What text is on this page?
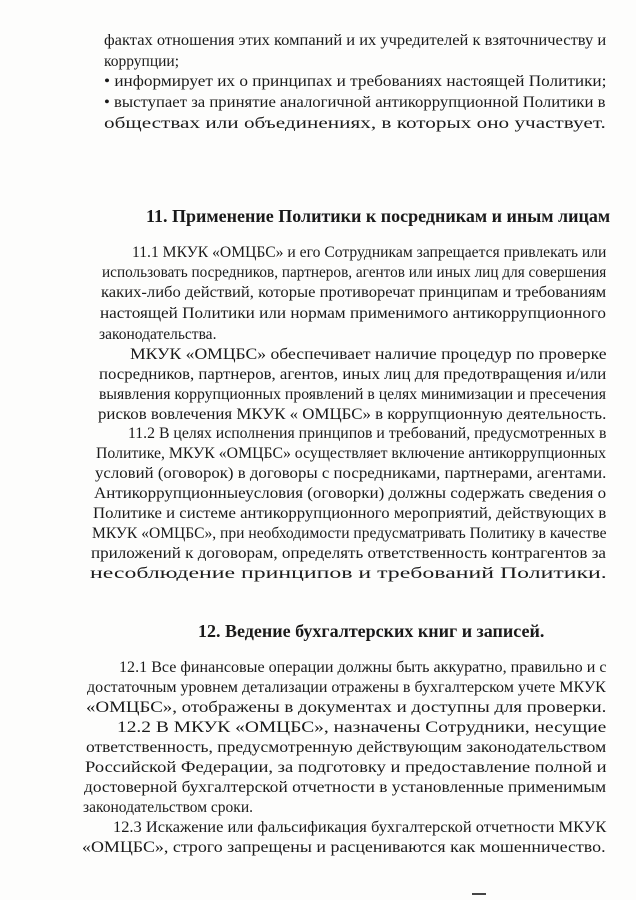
фактах отношения этих компаний и их учредителей к взяточничеству и
коррупции;
• информирует их о принципах и требованиях настоящей Политики;
• выступает за принятие аналогичной антикоррупционной Политики в
обществах или объединениях, в которых оно участвует.
11. Применение Политики к посредникам и иным лицам
11.1 МКУК «ОМЦБС» и его Сотрудникам запрещается привлекать или
использовать посредников, партнеров, агентов или иных лиц для совершения
каких-либо действий, которые противоречат принципам и требованиям
настоящей Политики или нормам применимого антикоррупционного
законодательства.
МКУК «ОМЦБС» обеспечивает наличие процедур по проверке
посредников, партнеров, агентов, иных лиц для предотвращения и/или
выявления коррупционных проявлений в целях минимизации и пресечения
рисков вовлечения МКУК « ОМЦБС» в коррупционную деятельность.
11.2 В целях исполнения принципов и требований, предусмотренных в
Политике, МКУК «ОМЦБС» осуществляет включение антикоррупционных
условий (оговорок) в договоры с посредниками, партнерами, агентами.
Антикоррупционныеусловия (оговорки) должны содержать сведения о
Политике и системе антикоррупционного мероприятий, действующих в
МКУК «ОМЦБС», при необходимости предусматривать Политику в качестве
приложений к договорам, определять ответственность контрагентов за
несоблюдение принципов и требований Политики.
12. Ведение бухгалтерских книг и записей.
12.1 Все финансовые операции должны быть аккуратно, правильно и с
достаточным уровнем детализации отражены в бухгалтерском учете МКУК
«ОМЦБС», отображены в документах и доступны для проверки.
12.2 В МКУК «ОМЦБС», назначены Сотрудники, несущие
ответственность, предусмотренную действующим законодательством
Российской Федерации, за подготовку и предоставление полной и
достоверной бухгалтерской отчетности в установленные применимым
законодательством сроки.
12.3 Искажение или фальсификация бухгалтерской отчетности МКУК
«ОМЦБС», строго запрещены и расцениваются как мошенничество.
